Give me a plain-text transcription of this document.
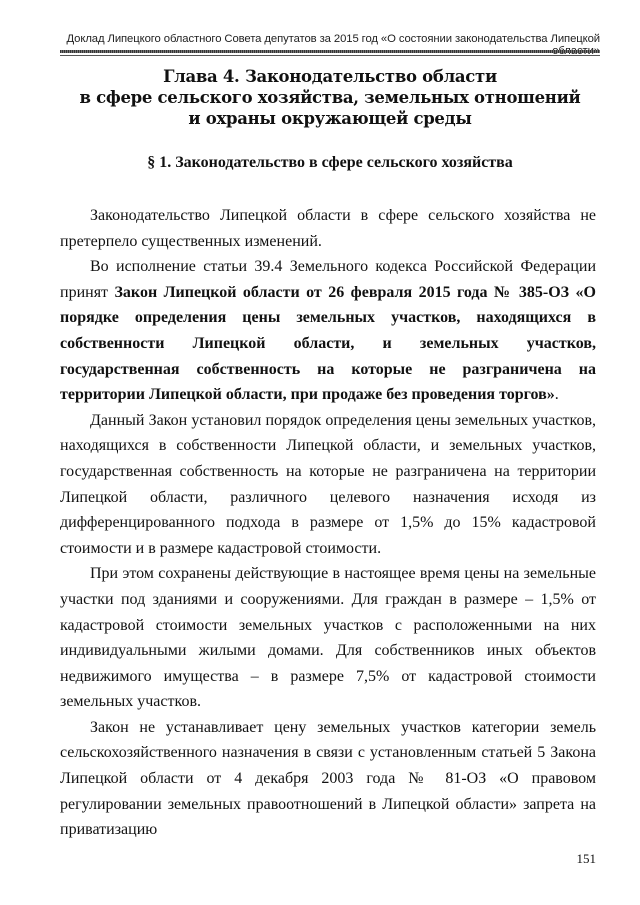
Доклад Липецкого областного Совета депутатов за 2015 год «О состоянии законодательства Липецкой
Глава 4. Законодательство области
в сфере сельского хозяйства, земельных отношений
и охраны окружающей среды
§ 1. Законодательство в сфере сельского хозяйства

Законодательство Липецкой области в сфере сельского хозяйства не претерпело существенных изменений.

Во исполнение статьи 39.4 Земельного кодекса Российской Федерации принят Закон Липецкой области от 26 февраля 2015 года № 385-ОЗ «О порядке определения цены земельных участков, находящихся в собственности Липецкой области, и земельных участков, государственная собственность на которые не разграничена на территории Липецкой области, при продаже без проведения торгов».

Данный Закон установил порядок определения цены земельных участков, находящихся в собственности Липецкой области, и земельных участков, государственная собственность на которые не разграничена на территории Липецкой области, различного целевого назначения исходя из дифференцированного подхода в размере от 1,5% до 15% кадастровой стоимости и в размере кадастровой стоимости.

При этом сохранены действующие в настоящее время цены на земельные участки под зданиями и сооружениями. Для граждан в размере – 1,5% от кадастровой стоимости земельных участков с расположенными на них индивидуальными жилыми домами. Для собственников иных объектов недвижимого имущества – в размере 7,5% от кадастровой стоимости земельных участков.

Закон не устанавливает цену земельных участков категории земель сельскохозяйственного назначения в связи с установленным статьей 5 Закона Липецкой области от 4 декабря 2003 года № 81-ОЗ «О правовом регулировании земельных правоотношений в Липецкой области» запрета на приватизацию

151
